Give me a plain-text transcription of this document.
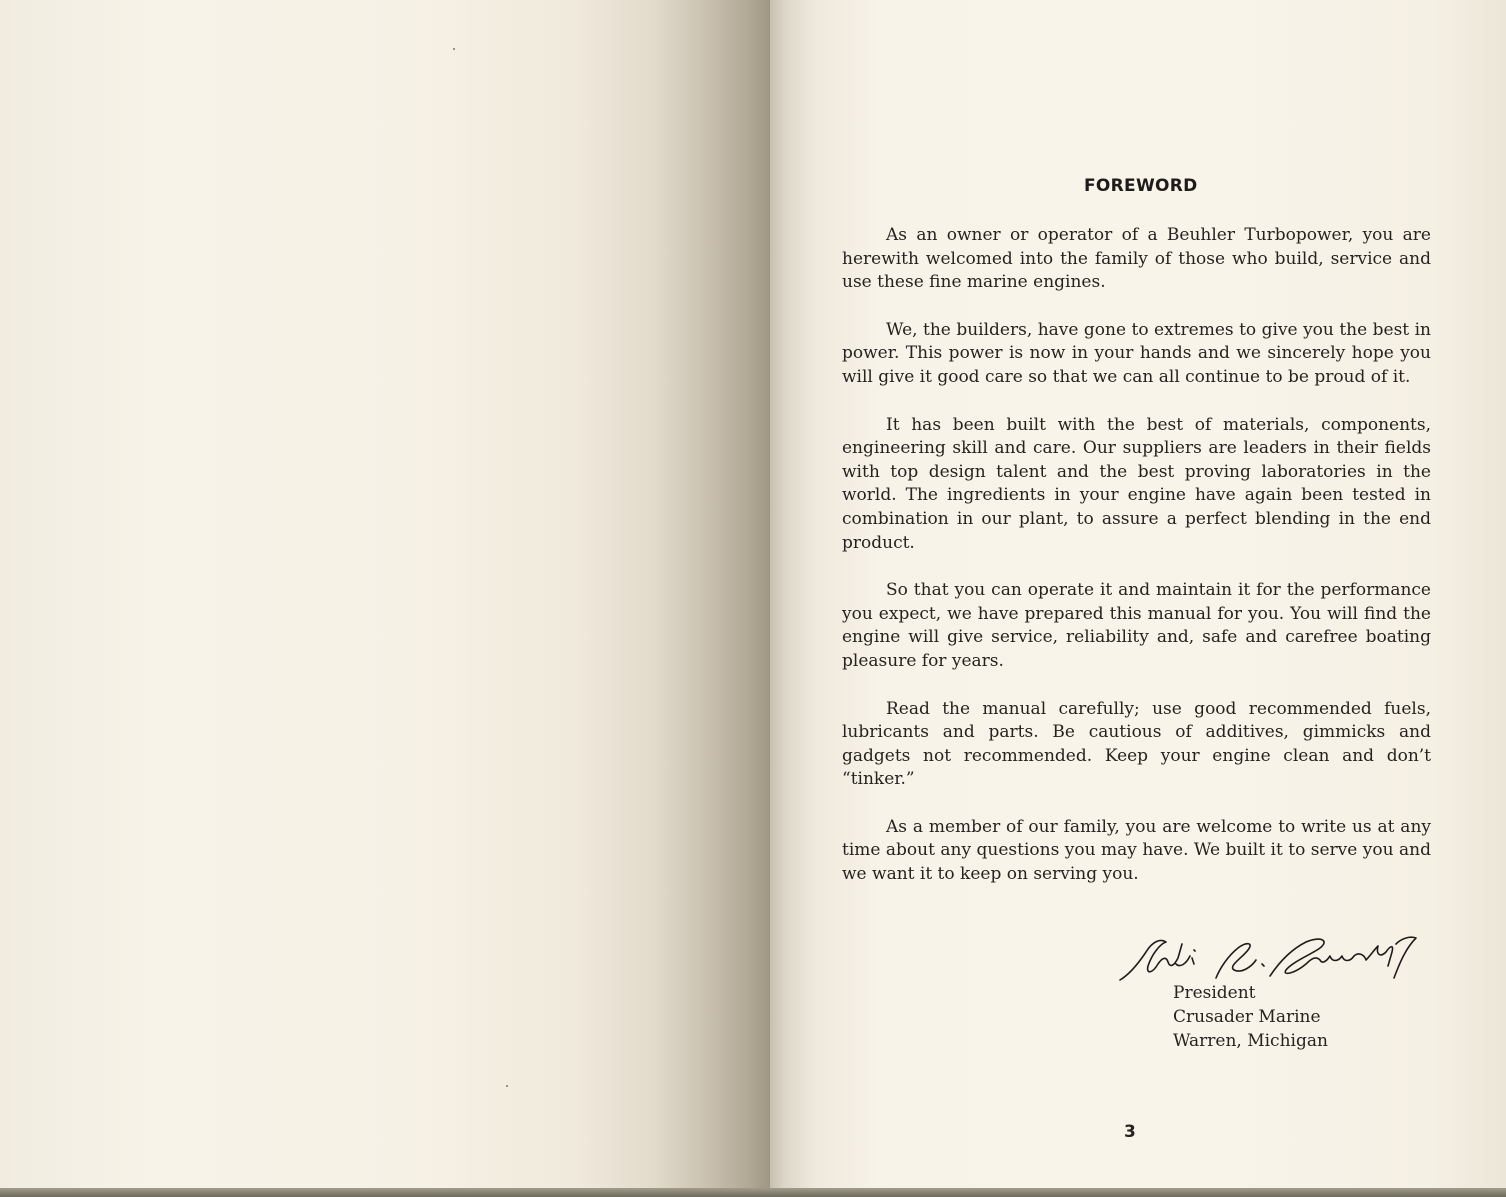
FOREWORD

As an owner or operator of a Beuhler Turbopower, you are herewith welcomed into the family of those who build, service and use these fine marine engines.

We, the builders, have gone to extremes to give you the best in power. This power is now in your hands and we sincerely hope you will give it good care so that we can all continue to be proud of it.

It has been built with the best of materials, components, engineering skill and care. Our suppliers are leaders in their fields with top design talent and the best proving laboratories in the world. The ingredients in your engine have again been tested in combination in our plant, to assure a perfect blending in the end product.

So that you can operate it and maintain it for the performance you expect, we have prepared this manual for you. You will find the engine will give service, reliability and, safe and carefree boating pleasure for years.

Read the manual carefully; use good recommended fuels, lubricants and parts. Be cautious of additives, gimmicks and gadgets not recommended. Keep your engine clean and don’t “tinker.”

As a member of our family, you are welcome to write us at any time about any questions you may have. We built it to serve you and we want it to keep on serving you.

President
Crusader Marine
Warren, Michigan
3
